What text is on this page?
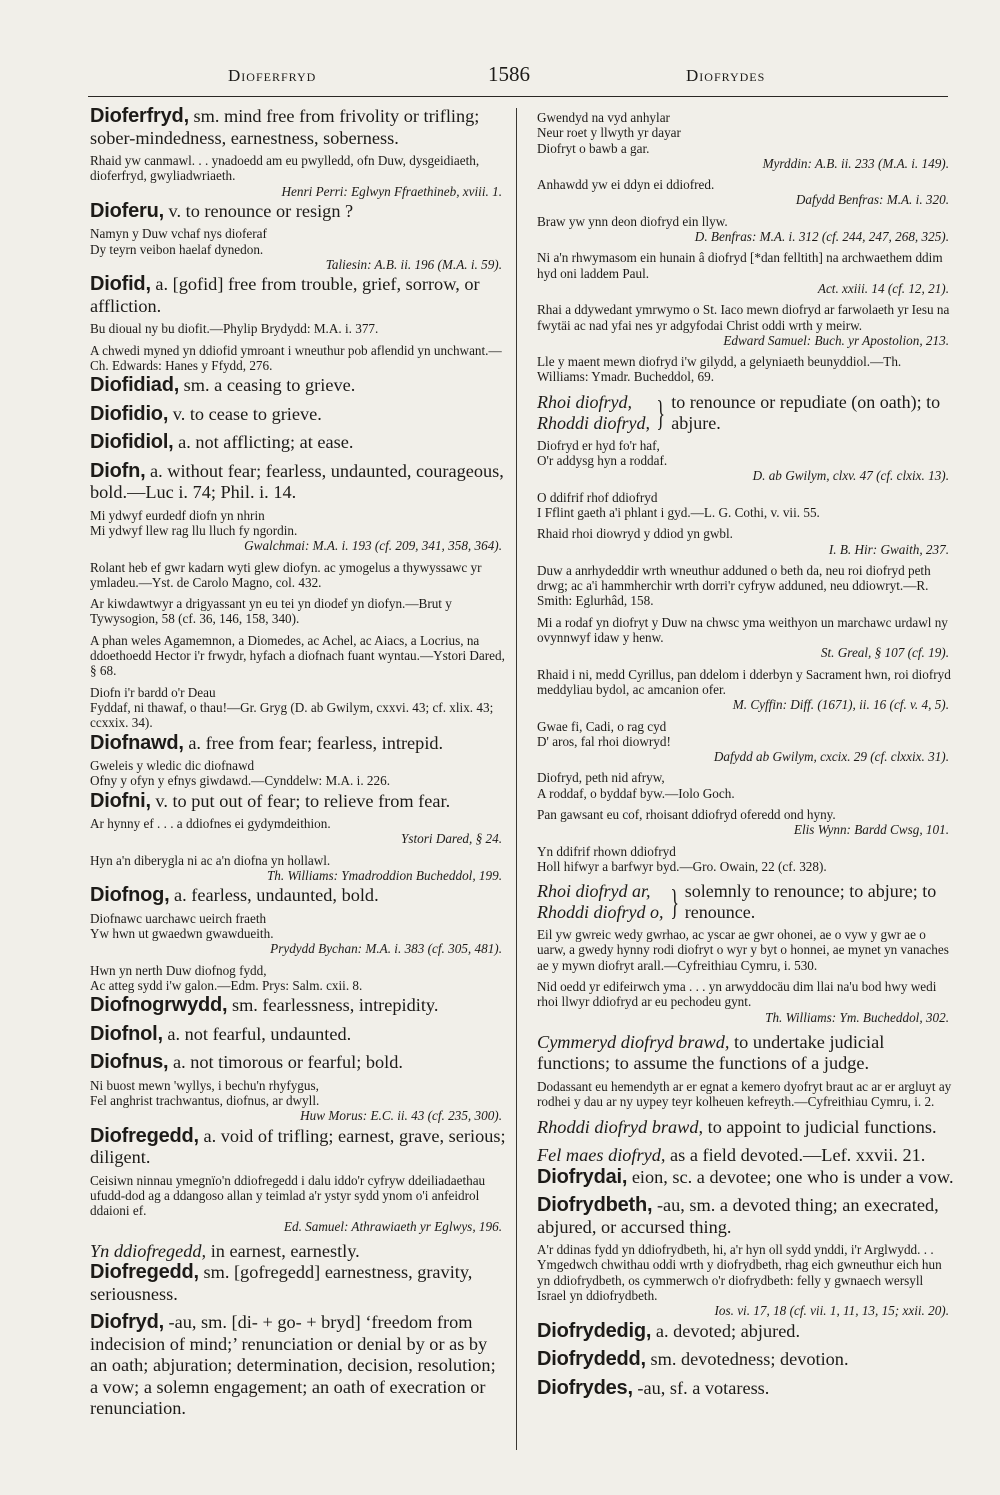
Dioferfryd	1586	Diofrydes
Dioferfryd, sm. mind free from frivolity or trifling; sober-mindedness, earnestness, soberness.
Rhaid yw canmawl. . . ynadoedd am eu pwylledd, ofn Duw, dysgeidiaeth, dioferfryd, gwyliadwriaeth.
Henri Perri: Eglwyn Ffraethineb, xviii. 1.
Dioferu, v. to renounce or resign ?
Namyn y Duw vchaf nys dioferaf
Dy teyrn veibon haelaf dynedon.
Taliesin: A.B. ii. 196 (M.A. i. 59).
Diofid, a. [gofid] free from trouble, grief, sorrow, or affliction.
Bu dioual ny bu diofit.—Phylip Brydydd: M.A. i. 377.
A chwedi myned yn ddiofid ymroant i wneuthur pob aflendid yn unchwant.—Ch. Edwards: Hanes y Ffydd, 276.
Diofidiad, sm. a ceasing to grieve.
Diofidio, v. to cease to grieve.
Diofidiol, a. not afflicting; at ease.
Diofn, a. without fear; fearless, undaunted, courageous, bold.—Luc i. 74; Phil. i. 14.
Mi ydwyf eurdedf diofn yn nhrin
Mi ydwyf llew rag llu lluch fy ngordin.
Gwalchmai: M.A. i. 193 (cf. 209, 341, 358, 364).
Rolant heb ef gwr kadarn wyti glew diofyn. ac ymogelus a thywyssawc yr ymladeu.—Yst. de Carolo Magno, col. 432.
Ar kiwdawtwyr a drigyassant yn eu tei yn diodef yn diofyn.—Brut y Tywysogion, 58 (cf. 36, 146, 158, 340).
A phan weles Agamemnon, a Diomedes, ac Achel, ac Aiacs, a Locrius, na ddoethoedd Hector i'r frwydr, hyfach a diofnach fuant wyntau.—Ystori Dared, § 68.
Diofn i'r bardd o'r Deau
Fyddaf, ni thawaf, o thau!—Gr. Gryg (D. ab Gwilym, cxxvi. 43; cf. xlix. 43; ccxxix. 34).
Diofnawd, a. free from fear; fearless, intrepid.
Gweleis y wledic dic diofnawd
Ofny y ofyn y efnys giwdawd.—Cynddelw: M.A. i. 226.
Diofni, v. to put out of fear; to relieve from fear.
Ar hynny ef . . . a ddiofnes ei gydymdeithion.
Ystori Dared, § 24.
Hyn a'n diberygla ni ac a'n diofna yn hollawl.
Th. Williams: Ymadroddion Bucheddol, 199.
Diofnog, a. fearless, undaunted, bold.
Diofnawc uarchawc ueirch fraeth
Yw hwn ut gwaedwn gwawdueith.
Prydydd Bychan: M.A. i. 383 (cf. 305, 481).
Hwn yn nerth Duw diofnog fydd,
Ac atteg sydd i'w galon.—Edm. Prys: Salm. cxii. 8.
Diofnogrwydd, sm. fearlessness, intrepidity.
Diofnol, a. not fearful, undaunted.
Diofnus, a. not timorous or fearful; bold.
Ni buost mewn 'wyllys, i bechu'n rhyfygus,
Fel anghrist trachwantus, diofnus, ar dwyll.
Huw Morus: E.C. ii. 43 (cf. 235, 300).
Diofregedd, a. void of trifling; earnest, grave, serious; diligent.
Ceisiwn ninnau ymegnïo'n ddiofregedd i dalu iddo'r cyfryw ddeiliadaethau ufudd-dod ag a ddangoso allan y teimlad a'r ystyr sydd ynom o'i anfeidrol ddaioni ef.
Ed. Samuel: Athrawiaeth yr Eglwys, 196.
Yn ddiofregedd, in earnest, earnestly.
Diofregedd, sm. [gofregedd] earnestness, gravity, seriousness.
Diofryd, -au, sm. [di- + go- + bryd] ‘freedom from indecision of mind;’ renunciation or denial by or as by an oath; abjuration; determination, decision, resolution; a vow; a solemn engagement; an oath of execration or renunciation.
Gwendyd na vyd anhylar
Neur roet y llwyth yr dayar
Diofryt o bawb a gar.
Myrddin: A.B. ii. 233 (M.A. i. 149).
Anhawdd yw ei ddyn ei ddiofred.
Dafydd Benfras: M.A. i. 320.
Braw yw ynn deon diofryd ein llyw.
D. Benfras: M.A. i. 312 (cf. 244, 247, 268, 325).
Ni a'n rhwymasom ein hunain â diofryd [*dan felltith] na archwaethem ddim hyd oni laddem Paul.
Act. xxiii. 14 (cf. 12, 21).
Rhai a ddywedant ymrwymo o St. Iaco mewn diofryd ar farwolaeth yr Iesu na fwytäi ac nad yfai nes yr adgyfodai Christ oddi wrth y meirw.
Edward Samuel: Buch. yr Apostolion, 213.
Lle y maent mewn diofryd i'w gilydd, a gelyniaeth beunyddiol.—Th. Williams: Ymadr. Bucheddol, 69.
Rhoi diofryd,
Rhoddi diofryd, } to renounce or repudiate (on oath); to abjure.
Diofryd er hyd fo'r haf,
O'r addysg hyn a roddaf.
D. ab Gwilym, clxv. 47 (cf. clxix. 13).
O ddifrif rhof ddiofryd
I Fflint gaeth a'i phlant i gyd.—L. G. Cothi, v. vii. 55.
Rhaid rhoi diowryd y ddiod yn gwbl.
I. B. Hir: Gwaith, 237.
Duw a anrhydeddir wrth wneuthur adduned o beth da, neu roi diofryd peth drwg; ac a'i hammherchir wrth dorri'r cyfryw adduned, neu ddiowryt.—R. Smith: Eglurhâd, 158.
Mi a rodaf yn diofryt y Duw na chwsc yma weithyon un marchawc urdawl ny ovynnwyf idaw y henw.
St. Greal, § 107 (cf. 19).
Rhaid i ni, medd Cyrillus, pan ddelom i dderbyn y Sacrament hwn, roi diofryd meddyliau bydol, ac amcanion ofer.
M. Cyffin: Diff. (1671), ii. 16 (cf. v. 4, 5).
Gwae fi, Cadi, o rag cyd
D' aros, fal rhoi diowryd!
Dafydd ab Gwilym, cxcix. 29 (cf. clxxix. 31).
Diofryd, peth nid afryw,
A roddaf, o byddaf byw.—Iolo Goch.
Pan gawsant eu cof, rhoisant ddiofryd oferedd ond hyny.
Elis Wynn: Bardd Cwsg, 101.
Yn ddifrif rhown ddiofryd
Holl hifwyr a barfwyr byd.—Gro. Owain, 22 (cf. 328).
Rhoi diofryd ar,
Rhoddi diofryd o, } solemnly to renounce; to abjure; to renounce.
Eil yw gwreic wedy gwrhao, ac yscar ae gwr ohonei, ae o vyw y gwr ae o uarw, a gwedy hynny rodi diofryt o wyr y byt o honnei, ae mynet yn vanaches ae y mywn diofryt arall.—Cyfreithiau Cymru, i. 530.
Nid oedd yr edifeirwch yma . . . yn arwyddocäu dim llai na'u bod hwy wedi rhoi llwyr ddiofryd ar eu pechodeu gynt.
Th. Williams: Ym. Bucheddol, 302.
Cymmeryd diofryd brawd, to undertake judicial functions; to assume the functions of a judge.
Dodassant eu hemendyth ar er egnat a kemero dyofryt braut ac ar er argluyt ay rodhei y dau ar ny uypey teyr kolheuen kefreyth.—Cyfreithiau Cymru, i. 2.
Rhoddi diofryd brawd, to appoint to judicial functions.
Fel maes diofryd, as a field devoted.—Lef. xxvii. 21.
Diofrydai, eion, sc. a devotee; one who is under a vow.
Diofrydbeth, -au, sm. a devoted thing; an execrated, abjured, or accursed thing.
A'r ddinas fydd yn ddiofrydbeth, hi, a'r hyn oll sydd ynddi, i'r Arglwydd. . . Ymgedwch chwithau oddi wrth y diofrydbeth, rhag eich gwneuthur eich hun yn ddiofrydbeth, os cymmerwch o'r diofrydbeth: felly y gwnaech wersyll Israel yn ddiofrydbeth.
Ios. vi. 17, 18 (cf. vii. 1, 11, 13, 15; xxii. 20).
Diofrydedig, a. devoted; abjured.
Diofrydedd, sm. devotedness; devotion.
Diofrydes, -au, sf. a votaress.
